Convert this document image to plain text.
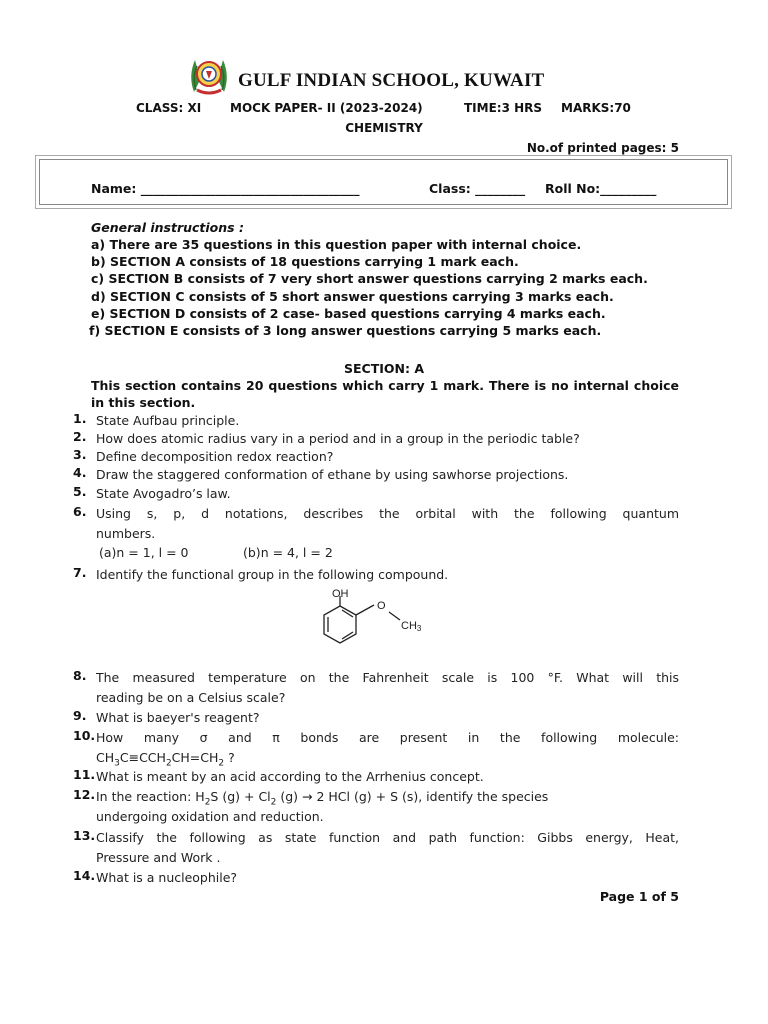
GULF INDIAN SCHOOL, KUWAIT
CLASS: XI MOCK PAPER- II (2023-2024)	TIME:3 HRS MARKS:70
CHEMISTRY
No.of printed pages: 5
Name: ___________________________________	Class: ________ Roll No:_________
General instructions :
a) There are 35 questions in this question paper with internal choice.
b) SECTION A consists of 18 questions carrying 1 mark each.
c) SECTION B consists of 7 very short answer questions carrying 2 marks each.
d) SECTION C consists of 5 short answer questions carrying 3 marks each.
e) SECTION D consists of 2 case- based questions carrying 4 marks each.
f) SECTION E consists of 3 long answer questions carrying 5 marks each.
SECTION: A
This section contains 20 questions which carry 1 mark. There is no internal choice in this section.
1. State Aufbau principle.
2. How does atomic radius vary in a period and in a group in the periodic table?
3. Define decomposition redox reaction?
4. Draw the staggered conformation of ethane by using sawhorse projections.
5. State Avogadro’s law.
6. Using s, p, d notations, describes the orbital with the following quantum
numbers.
(a)n = 1, l = 0	(b)n = 4, l = 2
7. Identify the functional group in the following compound.
OH
O
CH3
8. The measured temperature on the Fahrenheit scale is 100 °F. What will this
reading be on a Celsius scale?
9. What is baeyer's reagent?
10. How many σ and π bonds are present in the following molecule:
$CH_3C\equiv CCH_2CH=CH_2$ ?
11. What is meant by an acid according to the Arrhenius concept.
12. In the reaction: $H_2S$ $(g) + Cl_2$ (g) → 2 HCl (g) + S (s), identify the species
undergoing oxidation and reduction.
13. Classify the following as state function and path function: Gibbs energy, Heat,
Pressure and Work .
14. What is a nucleophile?
Page 1 of 5
